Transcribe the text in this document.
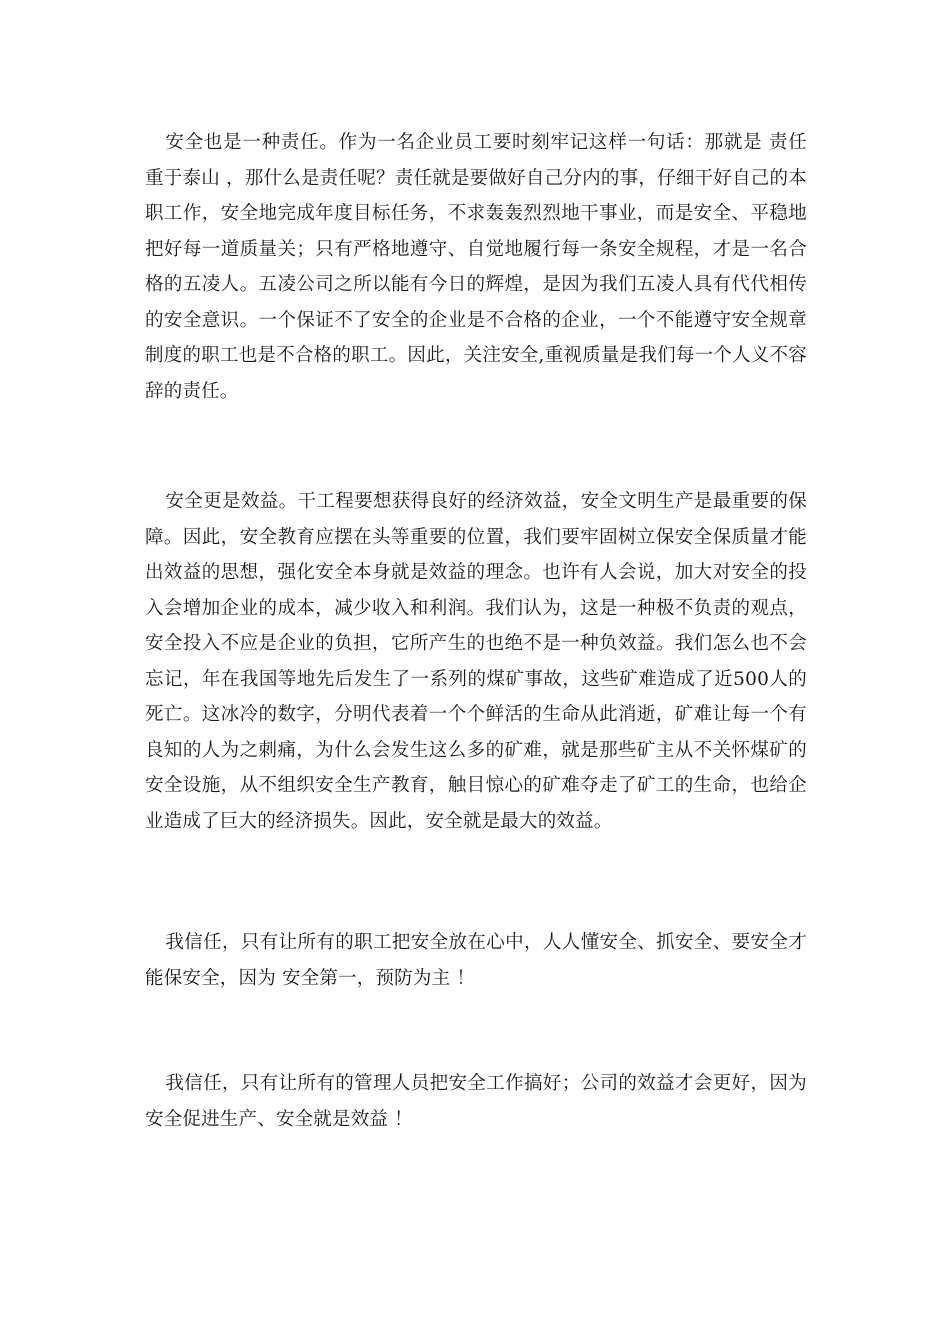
安全也是一种责任。作为一名企业员工要时刻牢记这样一句话：那就是 责任重于泰山 ，那什么是责任呢？责任就是要做好自己分内的事，仔细干好自己的本职工作，安全地完成年度目标任务，不求轰轰烈烈地干事业，而是安全、平稳地把好每一道质量关；只有严格地遵守、自觉地履行每一条安全规程，才是一名合格的五凌人。五凌公司之所以能有今日的辉煌，是因为我们五凌人具有代代相传的安全意识。一个保证不了安全的企业是不合格的企业，一个不能遵守安全规章制度的职工也是不合格的职工。因此，关注安全,重视质量是我们每一个人义不容辞的责任。

安全更是效益。干工程要想获得良好的经济效益，安全文明生产是最重要的保障。因此，安全教育应摆在头等重要的位置，我们要牢固树立保安全保质量才能出效益的思想，强化安全本身就是效益的理念。也许有人会说，加大对安全的投入会增加企业的成本，减少收入和利润。我们认为，这是一种极不负责的观点，安全投入不应是企业的负担，它所产生的也绝不是一种负效益。我们怎么也不会忘记，年在我国等地先后发生了一系列的煤矿事故，这些矿难造成了近500人的死亡。这冰冷的数字，分明代表着一个个鲜活的生命从此消逝，矿难让每一个有良知的人为之刺痛，为什么会发生这么多的矿难，就是那些矿主从不关怀煤矿的安全设施，从不组织安全生产教育，触目惊心的矿难夺走了矿工的生命，也给企业造成了巨大的经济损失。因此，安全就是最大的效益。

我信任，只有让所有的职工把安全放在心中，人人懂安全、抓安全、要安全才能保安全，因为 安全第一，预防为主 ！

我信任，只有让所有的管理人员把安全工作搞好；公司的效益才会更好，因为 安全促进生产、安全就是效益 ！
